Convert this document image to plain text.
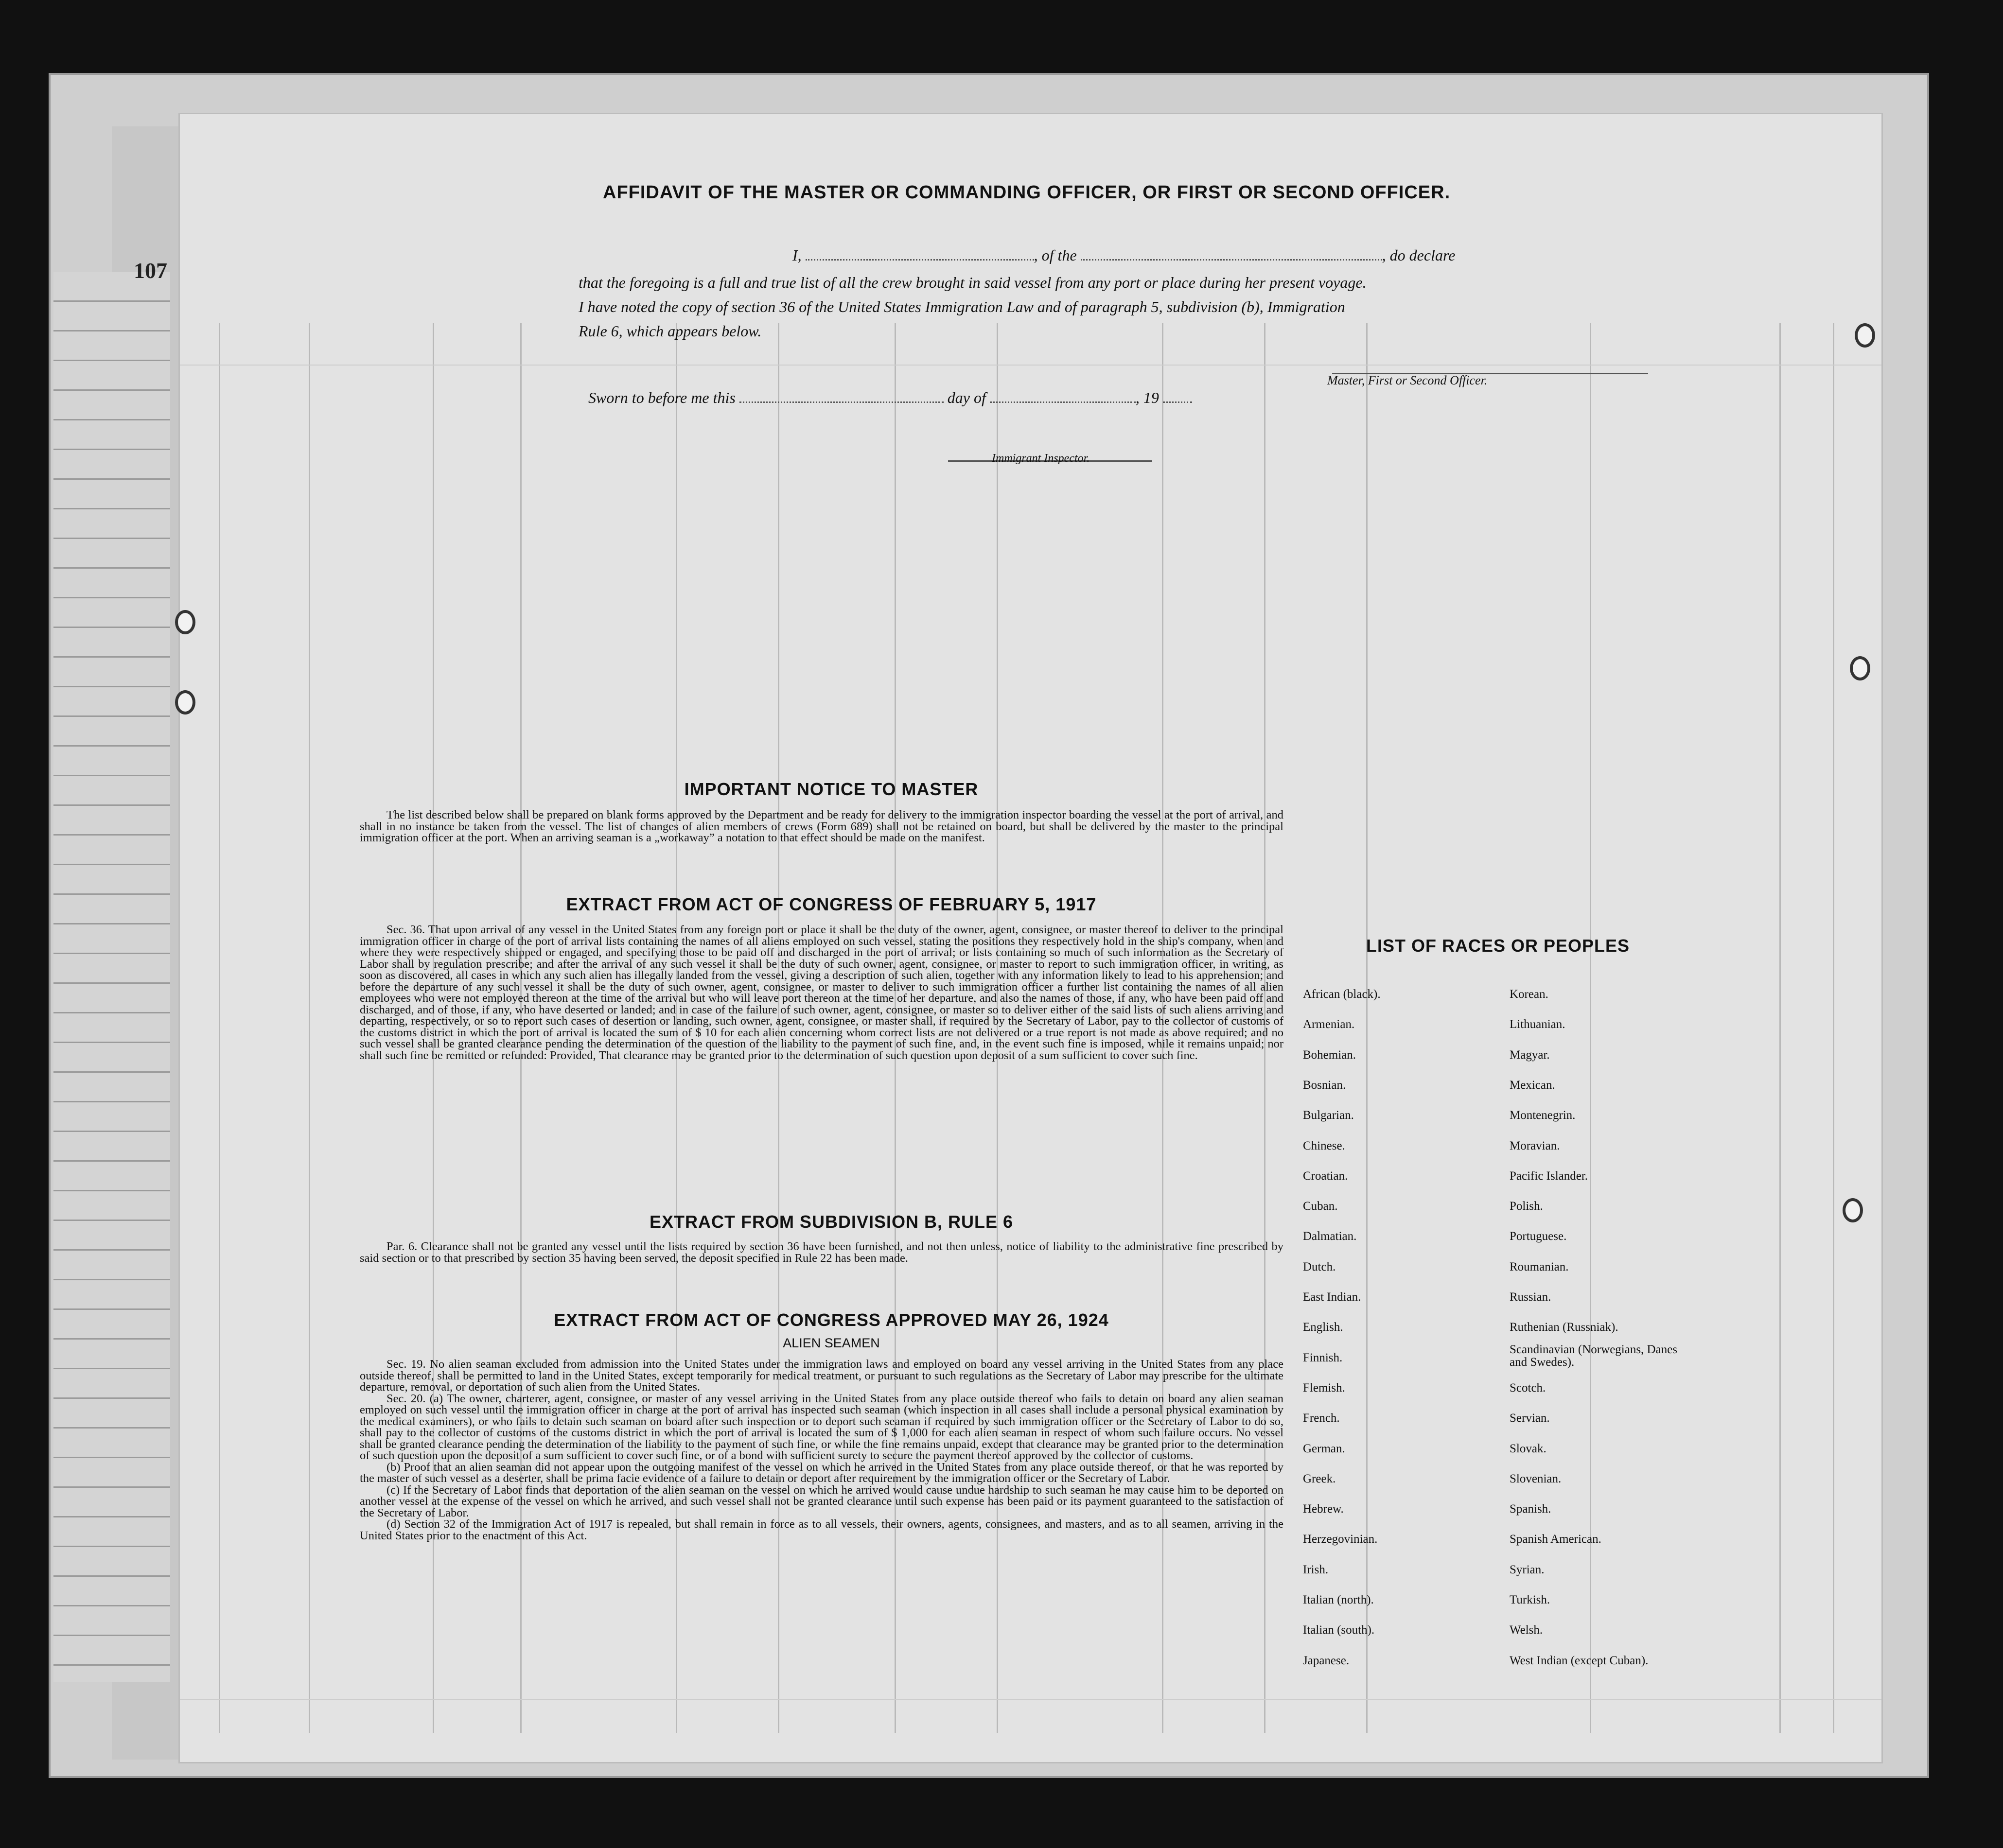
107
AFFIDAVIT OF THE MASTER OR COMMANDING OFFICER, OR FIRST OR SECOND OFFICER.
I,	, of the	, do declare
that the foregoing is a full and true list of all the crew brought in said vessel from any port or place during her present voyage.
I have noted the copy of section 36 of the United States Immigration Law and of paragraph 5, subdivision (b), Immigration
Rule 6, which appears below.
Master, First or Second Officer.
Sworn to before me this	day of	, 19
Immigrant Inspector.
IMPORTANT NOTICE TO MASTER

The list described below shall be prepared on blank forms approved by the Department and be ready for delivery to the immigration inspector boarding the vessel at the port of arrival, and shall in no instance be taken from the vessel. The list of changes of alien members of crews (Form 689) shall not be retained on board, but shall be delivered by the master to the principal immigration officer at the port. When an arriving seaman is a „workaway” a notation to that effect should be made on the manifest.

EXTRACT FROM ACT OF CONGRESS OF FEBRUARY 5, 1917

Sec. 36. That upon arrival of any vessel in the United States from any foreign port or place it shall be the duty of the owner, agent, consignee, or master thereof to deliver to the principal immigration officer in charge of the port of arrival lists containing the names of all aliens employed on such vessel, stating the positions they respectively hold in the ship's company, when and where they were respectively shipped or engaged, and specifying those to be paid off and discharged in the port of arrival; or lists containing so much of such information as the Secretary of Labor shall by regulation prescribe; and after the arrival of any such vessel it shall be the duty of such owner, agent, consignee, or master to report to such immigration officer, in writing, as soon as discovered, all cases in which any such alien has illegally landed from the vessel, giving a description of such alien, together with any information likely to lead to his apprehension; and before the departure of any such vessel it shall be the duty of such owner, agent, consignee, or master to deliver to such immigration officer a further list containing the names of all alien employees who were not employed thereon at the time of the arrival but who will leave port thereon at the time of her departure, and also the names of those, if any, who have been paid off and discharged, and of those, if any, who have deserted or landed; and in case of the failure of such owner, agent, consignee, or master so to deliver either of the said lists of such aliens arriving and departing, respectively, or so to report such cases of desertion or landing, such owner, agent, consignee, or master shall, if required by the Secretary of Labor, pay to the collector of customs of the customs district in which the port of arrival is located the sum of $ 10 for each alien concerning whom correct lists are not delivered or a true report is not made as above required; and no such vessel shall be granted clearance pending the determination of the question of the liability to the payment of such fine, and, in the event such fine is imposed, while it remains unpaid; nor shall such fine be remitted or refunded: Provided, That clearance may be granted prior to the determination of such question upon deposit of a sum sufficient to cover such fine.

EXTRACT FROM SUBDIVISION B, RULE 6

Par. 6. Clearance shall not be granted any vessel until the lists required by section 36 have been furnished, and not then unless, notice of liability to the administrative fine prescribed by said section or to that prescribed by section 35 having been served, the deposit specified in Rule 22 has been made.

EXTRACT FROM ACT OF CONGRESS APPROVED MAY 26, 1924
ALIEN SEAMEN

Sec. 19. No alien seaman excluded from admission into the United States under the immigration laws and employed on board any vessel arriving in the United States from any place outside thereof, shall be permitted to land in the United States, except temporarily for medical treatment, or pursuant to such regulations as the Secretary of Labor may prescribe for the ultimate departure, removal, or deportation of such alien from the United States.

Sec. 20. (a) The owner, charterer, agent, consignee, or master of any vessel arriving in the United States from any place outside thereof who fails to detain on board any alien seaman employed on such vessel until the immigration officer in charge at the port of arrival has inspected such seaman (which inspection in all cases shall include a personal physical examination by the medical examiners), or who fails to detain such seaman on board after such inspection or to deport such seaman if required by such immigration officer or the Secretary of Labor to do so, shall pay to the collector of customs of the customs district in which the port of arrival is located the sum of $ 1,000 for each alien seaman in respect of whom such failure occurs. No vessel shall be granted clearance pending the determination of the liability to the payment of such fine, or while the fine remains unpaid, except that clearance may be granted prior to the determination of such question upon the deposit of a sum sufficient to cover such fine, or of a bond with sufficient surety to secure the payment thereof approved by the collector of customs.

(b) Proof that an alien seaman did not appear upon the outgoing manifest of the vessel on which he arrived in the United States from any place outside thereof, or that he was reported by the master of such vessel as a deserter, shall be prima facie evidence of a failure to detain or deport after requirement by the immigration officer or the Secretary of Labor.

(c) If the Secretary of Labor finds that deportation of the alien seaman on the vessel on which he arrived would cause undue hardship to such seaman he may cause him to be deported on another vessel at the expense of the vessel on which he arrived, and such vessel shall not be granted clearance until such expense has been paid or its payment guaranteed to the satisfaction of the Secretary of Labor.

(d) Section 32 of the Immigration Act of 1917 is repealed, but shall remain in force as to all vessels, their owners, agents, consignees, and masters, and as to all seamen, arriving in the United States prior to the enactment of this Act.

LIST OF RACES OR PEOPLES
African (black).
Armenian.
Bohemian.
Bosnian.
Bulgarian.
Chinese.
Croatian.
Cuban.
Dalmatian.
Dutch.
East Indian.
English.
Finnish.
Flemish.
French.
German.
Greek.
Hebrew.
Herzegovinian.
Irish.
Italian (north).
Italian (south).
Japanese.
Korean.
Lithuanian.
Magyar.
Mexican.
Montenegrin.
Moravian.
Pacific Islander.
Polish.
Portuguese.
Roumanian.
Russian.
Ruthenian (Russniak).
Scandinavian (Norwegians, Danes and Swedes).
Scotch.
Servian.
Slovak.
Slovenian.
Spanish.
Spanish American.
Syrian.
Turkish.
Welsh.
West Indian (except Cuban).
